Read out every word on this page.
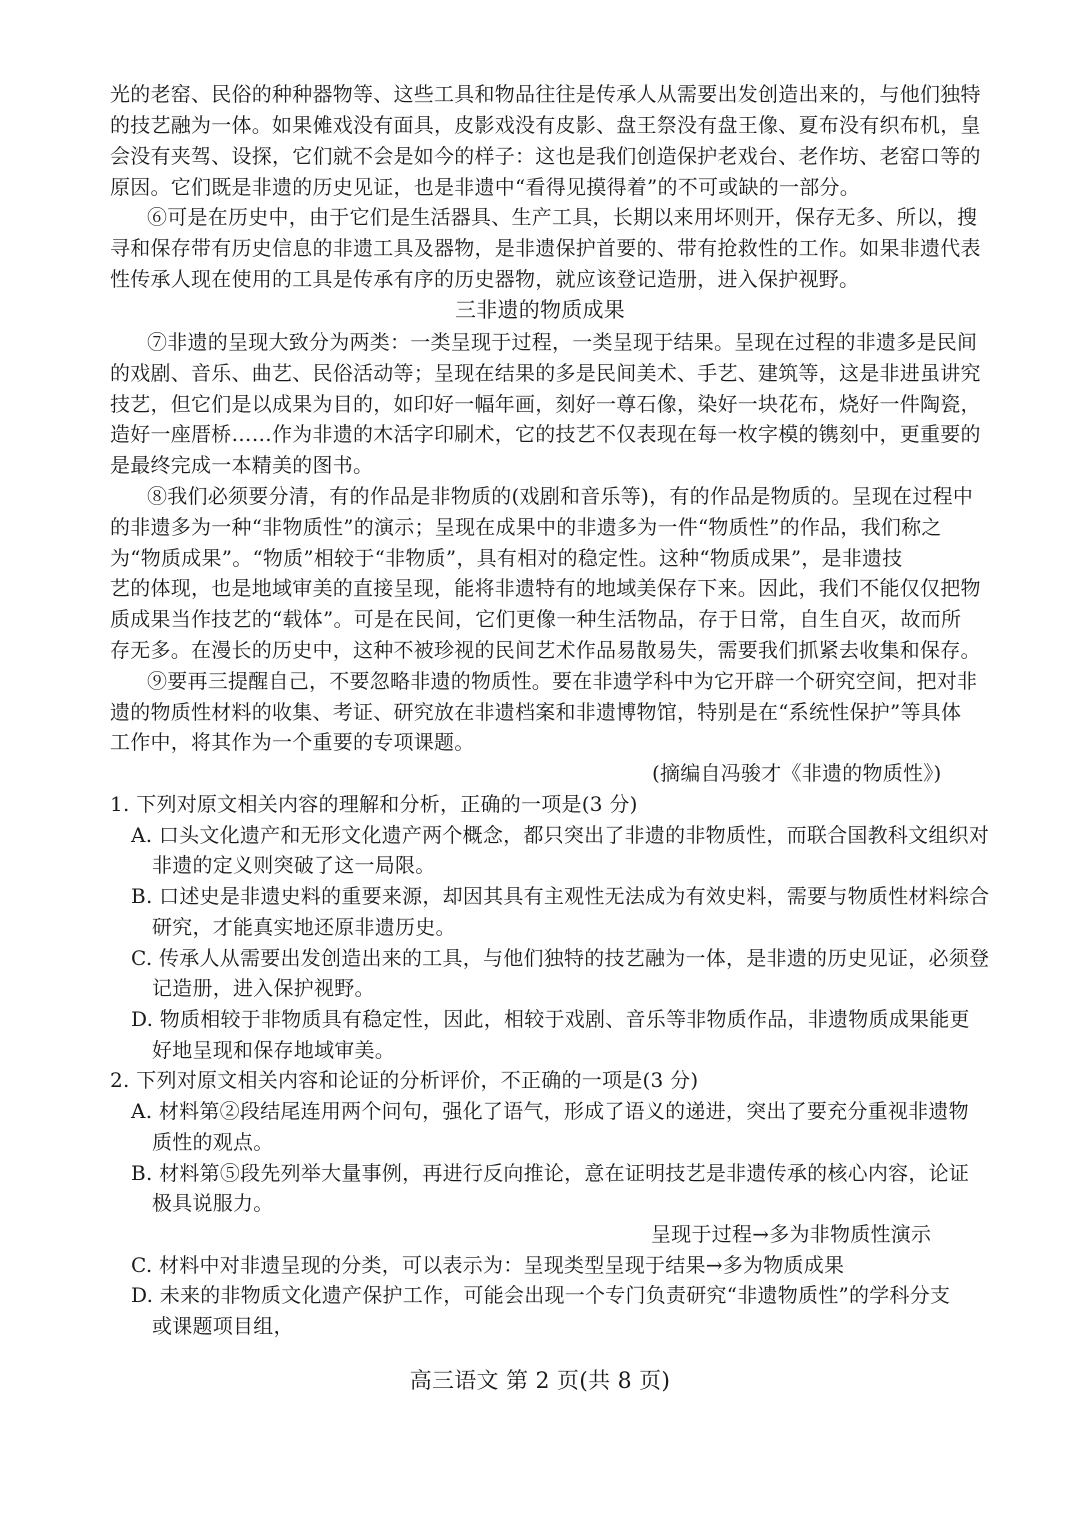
光的老窑、民俗的种种器物等、这些工具和物品往往是传承人从需要出发创造出来的，与他们独特
的技艺融为一体。如果傩戏没有面具，皮影戏没有皮影、盘王祭没有盘王像、夏布没有织布机，皇
会没有夹驾、设探，它们就不会是如今的样子：这也是我们创造保护老戏台、老作坊、老窑口等的
原因。它们既是非遗的历史见证，也是非遗中“看得见摸得着”的不可或缺的一部分。
⑥可是在历史中，由于它们是生活器具、生产工具，长期以来用坏则开，保存无多、所以，搜
寻和保存带有历史信息的非遗工具及器物，是非遗保护首要的、带有抢救性的工作。如果非遗代表
性传承人现在使用的工具是传承有序的历史器物，就应该登记造册，进入保护视野。
三非遗的物质成果
⑦非遗的呈现大致分为两类：一类呈现于过程，一类呈现于结果。呈现在过程的非遗多是民间
的戏剧、音乐、曲艺、民俗活动等；呈现在结果的多是民间美术、手艺、建筑等，这是非进虽讲究
技艺，但它们是以成果为目的，如印好一幅年画，刻好一尊石像，染好一块花布，烧好一件陶瓷，
造好一座厝桥……作为非遗的木活字印刷术，它的技艺不仅表现在每一枚字模的镌刻中，更重要的
是最终完成一本精美的图书。
⑧我们必须要分清，有的作品是非物质的(戏剧和音乐等)，有的作品是物质的。呈现在过程中
的非遗多为一种“非物质性”的演示；呈现在成果中的非遗多为一件“物质性”的作品，我们称之
为“物质成果”。“物质”相较于“非物质”，具有相对的稳定性。这种“物质成果”，是非遗技
艺的体现，也是地域审美的直接呈现，能将非遗特有的地域美保存下来。因此，我们不能仅仅把物
质成果当作技艺的“载体”。可是在民间，它们更像一种生活物品，存于日常，自生自灭，故而所
存无多。在漫长的历史中，这种不被珍视的民间艺术作品易散易失，需要我们抓紧去收集和保存。
⑨要再三提醒自己，不要忽略非遗的物质性。要在非遗学科中为它开辟一个研究空间，把对非
遗的物质性材料的收集、考证、研究放在非遗档案和非遗博物馆，特别是在“系统性保护”等具体
工作中，将其作为一个重要的专项课题。
(摘编自冯骏才《非遗的物质性》)
1. 下列对原文相关内容的理解和分析，正确的一项是(3 分)
A. 口头文化遗产和无形文化遗产两个概念，都只突出了非遗的非物质性，而联合国教科文组织对
非遗的定义则突破了这一局限。
B. 口述史是非遗史料的重要来源，却因其具有主观性无法成为有效史料，需要与物质性材料综合
研究，才能真实地还原非遗历史。
C. 传承人从需要出发创造出来的工具，与他们独特的技艺融为一体，是非遗的历史见证，必须登
记造册，进入保护视野。
D. 物质相较于非物质具有稳定性，因此，相较于戏剧、音乐等非物质作品，非遗物质成果能更
好地呈现和保存地域审美。
2. 下列对原文相关内容和论证的分析评价，不正确的一项是(3 分)
A. 材料第②段结尾连用两个问句，强化了语气，形成了语义的递进，突出了要充分重视非遗物
质性的观点。
B. 材料第⑤段先列举大量事例，再进行反向推论，意在证明技艺是非遗传承的核心内容，论证
极具说服力。
呈现于过程→多为非物质性演示
C. 材料中对非遗呈现的分类，可以表示为：呈现类型呈现于结果→多为物质成果
D. 未来的非物质文化遗产保护工作，可能会出现一个专门负责研究“非遗物质性”的学科分支
或课题项目组，
高三语文 第 2 页(共 8 页)
